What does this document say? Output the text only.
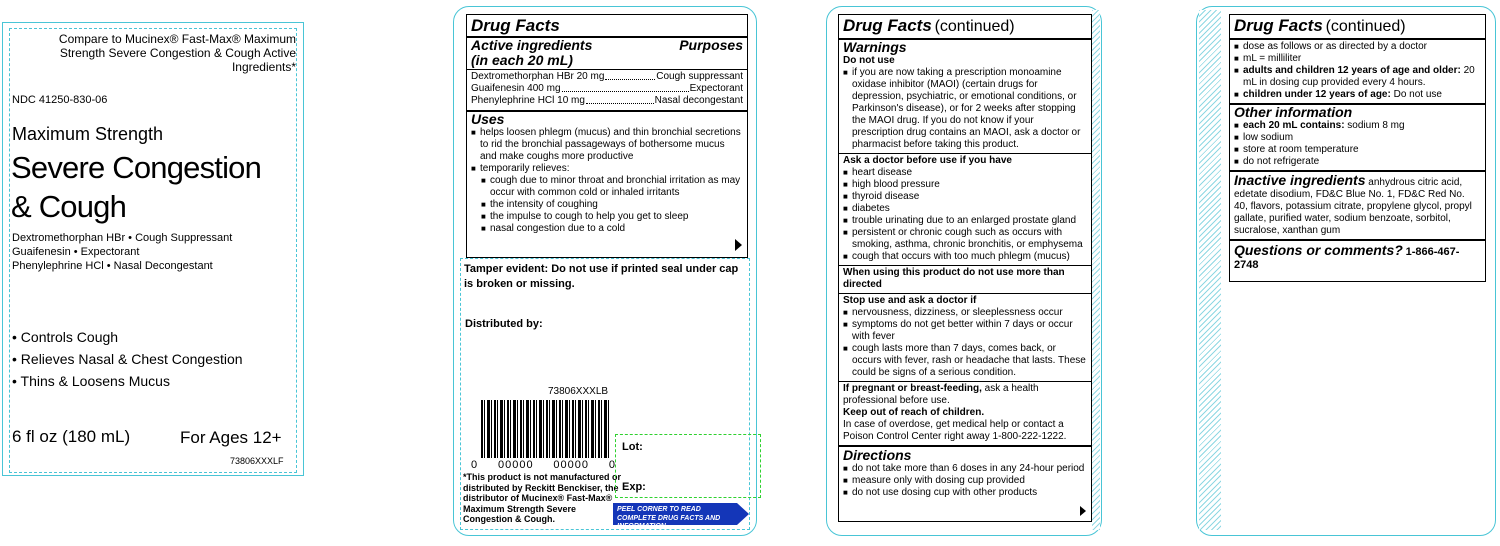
Compare to Mucinex® Fast-Max® Maximum Strength Severe Congestion & Cough Active Ingredients*
NDC 41250-830-06
Maximum Strength
Severe Congestion
& Cough
Dextromethorphan HBr • Cough Suppressant
Guaifenesin • Expectorant
Phenylephrine HCl • Nasal Decongestant
• Controls Cough
• Relieves Nasal & Chest Congestion
• Thins & Loosens Mucus
6 fl oz (180 mL)	For Ages 12+
73806XXXLF
Drug Facts
Active ingredients	Purposes
(in each 20 mL)
Dextromethorphan HBr 20 mg	Cough suppressant
Guaifenesin 400 mg	Expectorant
Phenylephrine HCl 10 mg	Nasal decongestant
Uses
■ helps loosen phlegm (mucus) and thin bronchial secretions to rid the bronchial passageways of bothersome mucus and make coughs more productive
■ temporarily relieves:
■ cough due to minor throat and bronchial irritation as may occur with common cold or inhaled irritants
■ the intensity of coughing
■ the impulse to cough to help you get to sleep
■ nasal congestion due to a cold
Tamper evident: Do not use if printed seal under cap is broken or missing.
Distributed by:
73806XXXLB
0 00000 00000 0
*This product is not manufactured or distributed by Reckitt Benckiser, the distributor of Mucinex® Fast-Max® Maximum Strength Severe Congestion & Cough.
Lot:
Exp:
PEEL CORNER TO READ COMPLETE DRUG FACTS AND INFORMATION
Drug Facts (continued)
Warnings
Do not use
■ if you are now taking a prescription monoamine oxidase inhibitor (MAOI) (certain drugs for depression, psychiatric, or emotional conditions, or Parkinson's disease), or for 2 weeks after stopping the MAOI drug. If you do not know if your prescription drug contains an MAOI, ask a doctor or pharmacist before taking this product.
Ask a doctor before use if you have
■ heart disease
■ high blood pressure
■ thyroid disease
■ diabetes
■ trouble urinating due to an enlarged prostate gland
■ persistent or chronic cough such as occurs with smoking, asthma, chronic bronchitis, or emphysema
■ cough that occurs with too much phlegm (mucus)
When using this product do not use more than directed
Stop use and ask a doctor if
■ nervousness, dizziness, or sleeplessness occur
■ symptoms do not get better within 7 days or occur with fever
■ cough lasts more than 7 days, comes back, or occurs with fever, rash or headache that lasts. These could be signs of a serious condition.
If pregnant or breast-feeding, ask a health professional before use.
Keep out of reach of children.
In case of overdose, get medical help or contact a Poison Control Center right away 1-800-222-1222.
Directions
■ do not take more than 6 doses in any 24-hour period
■ measure only with dosing cup provided
■ do not use dosing cup with other products
Drug Facts (continued)
■ dose as follows or as directed by a doctor
■ mL = milliliter
■ adults and children 12 years of age and older: 20 mL in dosing cup provided every 4 hours.
■ children under 12 years of age: Do not use
Other information
■ each 20 mL contains: sodium 8 mg
■ low sodium
■ store at room temperature
■ do not refrigerate
Inactive ingredients anhydrous citric acid, edetate disodium, FD&C Blue No. 1, FD&C Red No. 40, flavors, potassium citrate, propylene glycol, propyl gallate, purified water, sodium benzoate, sorbitol, sucralose, xanthan gum
Questions or comments? 1-866-467-2748
